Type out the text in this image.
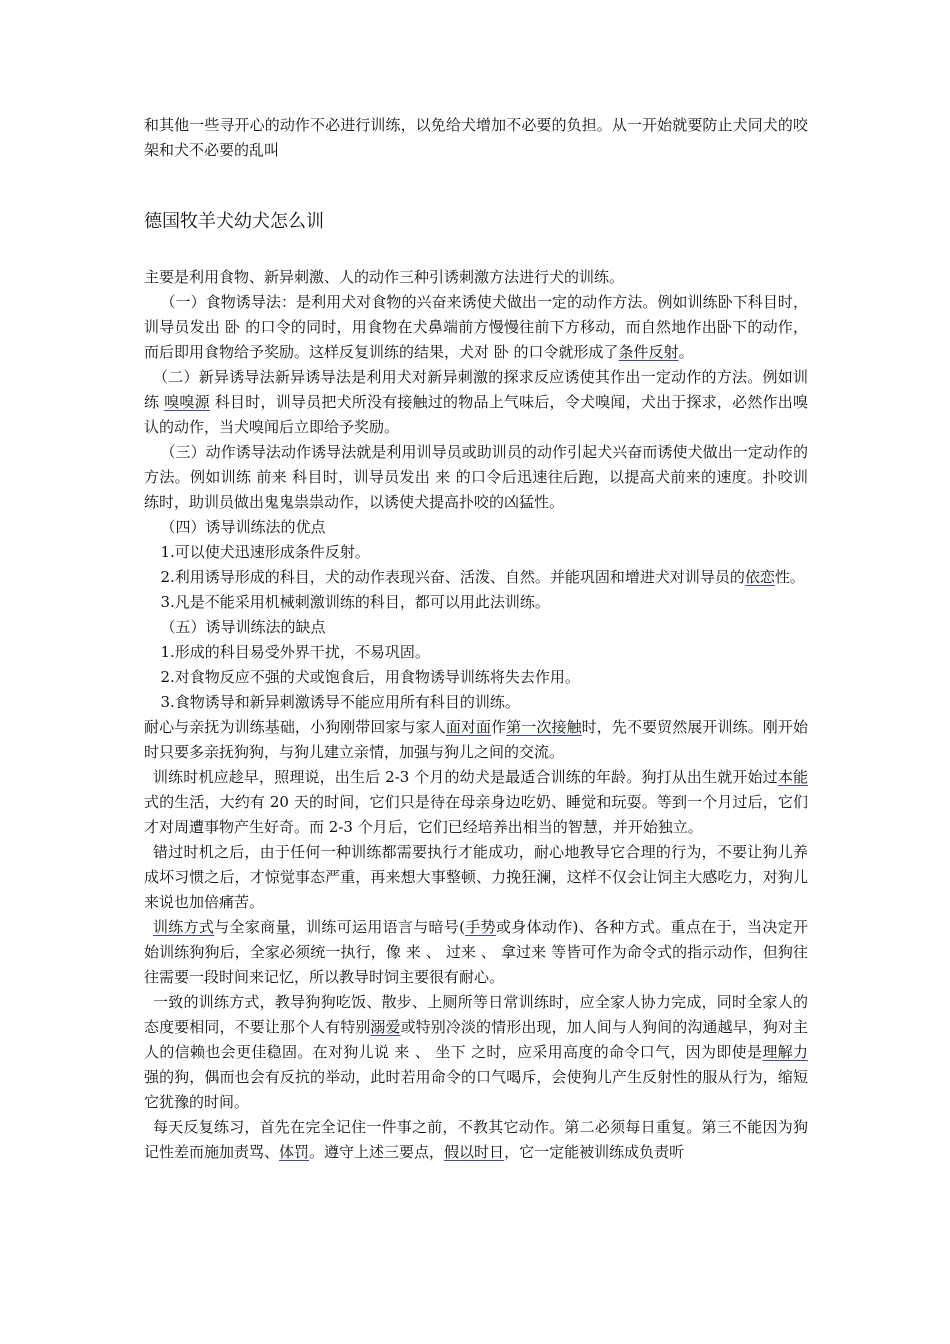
和其他一些寻开心的动作不必进行训练，以免给犬增加不必要的负担。从一开始就要防止犬同犬的咬架和犬不必要的乱叫

德国牧羊犬幼犬怎么训

主要是利用食物、新异刺激、人的动作三种引诱刺激方法进行犬的训练。

（一）食物诱导法：是利用犬对食物的兴奋来诱使犬做出一定的动作方法。例如训练卧下科目时，训导员发出 卧 的口令的同时，用食物在犬鼻端前方慢慢往前下方移动，而自然地作出卧下的动作，而后即用食物给予奖励。这样反复训练的结果，犬对 卧 的口令就形成了条件反射。

（二）新异诱导法新异诱导法是利用犬对新异刺激的探求反应诱使其作出一定动作的方法。例如训练 嗅嗅源 科目时，训导员把犬所没有接触过的物品上气味后，令犬嗅闻，犬出于探求，必然作出嗅认的动作，当犬嗅闻后立即给予奖励。

（三）动作诱导法动作诱导法就是利用训导员或助训员的动作引起犬兴奋而诱使犬做出一定动作的方法。例如训练 前来 科目时，训导员发出 来 的口令后迅速往后跑，以提高犬前来的速度。扑咬训练时，助训员做出鬼鬼祟祟动作，以诱使犬提高扑咬的凶猛性。

（四）诱导训练法的优点

1.可以使犬迅速形成条件反射。

2.利用诱导形成的科目，犬的动作表现兴奋、活泼、自然。并能巩固和增进犬对训导员的依恋性。

3.凡是不能采用机械刺激训练的科目，都可以用此法训练。

（五）诱导训练法的缺点

1.形成的科目易受外界干扰，不易巩固。

2.对食物反应不强的犬或饱食后，用食物诱导训练将失去作用。

3.食物诱导和新异刺激诱导不能应用所有科目的训练。

耐心与亲抚为训练基础，小狗刚带回家与家人面对面作第一次接触时，先不要贸然展开训练。刚开始时只要多亲抚狗狗，与狗儿建立亲情，加强与狗儿之间的交流。

训练时机应趁早，照理说，出生后 2-3 个月的幼犬是最适合训练的年龄。狗打从出生就开始过本能式的生活，大约有 20 天的时间，它们只是待在母亲身边吃奶、睡觉和玩耍。等到一个月过后，它们才对周遭事物产生好奇。而 2-3 个月后，它们已经培养出相当的智慧，并开始独立。

错过时机之后，由于任何一种训练都需要执行才能成功，耐心地教导它合理的行为，不要让狗儿养成坏习惯之后，才惊觉事态严重，再来想大事整顿、力挽狂澜，这样不仅会让饲主大感吃力，对狗儿来说也加倍痛苦。

训练方式与全家商量，训练可运用语言与暗号(手势或身体动作)、各种方式。重点在于，当决定开始训练狗狗后，全家必须统一执行，像 来 、 过来 、 拿过来 等皆可作为命令式的指示动作，但狗往往需要一段时间来记忆，所以教导时饲主要很有耐心。

一致的训练方式，教导狗狗吃饭、散步、上厕所等日常训练时，应全家人协力完成，同时全家人的态度要相同，不要让那个人有特别溺爱或特别冷淡的情形出现，加人间与人狗间的沟通越早，狗对主人的信赖也会更佳稳固。在对狗儿说 来 、 坐下 之时，应采用高度的命令口气，因为即使是理解力强的狗，偶而也会有反抗的举动，此时若用命令的口气喝斥，会使狗儿产生反射性的服从行为，缩短它犹豫的时间。

每天反复练习，首先在完全记住一件事之前，不教其它动作。第二必须每日重复。第三不能因为狗记性差而施加责骂、体罚。遵守上述三要点，假以时日，它一定能被训练成负责听
